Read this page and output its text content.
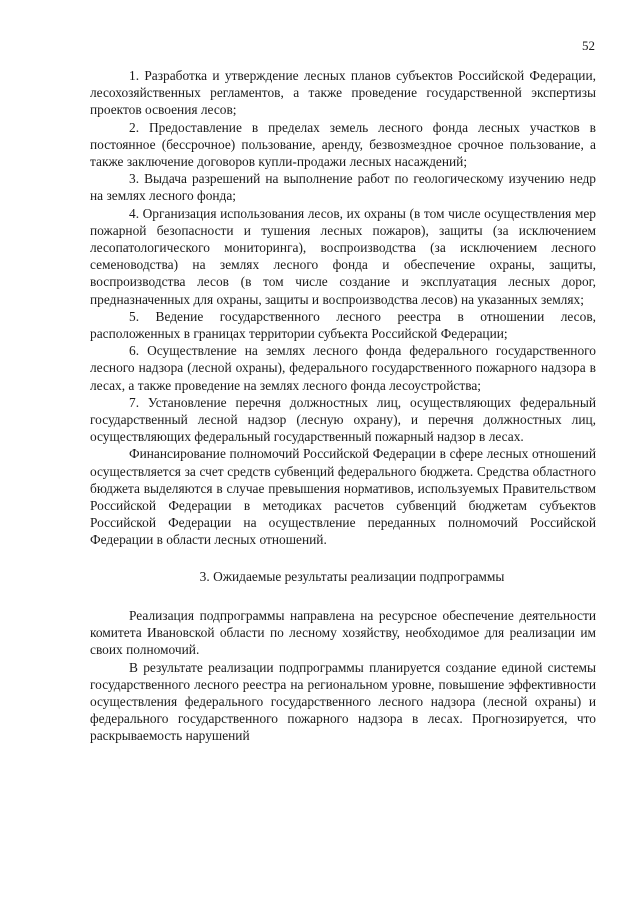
52

1. Разработка и утверждение лесных планов субъектов Российской Федерации, лесохозяйственных регламентов, а также проведение государственной экспертизы проектов освоения лесов;

2. Предоставление в пределах земель лесного фонда лесных участков в постоянное (бессрочное) пользование, аренду, безвозмездное срочное пользование, а также заключение договоров купли-продажи лесных насаждений;

3. Выдача разрешений на выполнение работ по геологическому изучению недр на землях лесного фонда;

4. Организация использования лесов, их охраны (в том числе осуществления мер пожарной безопасности и тушения лесных пожаров), защиты (за исключением лесопатологического мониторинга), воспроизводства (за исключением лесного семеноводства) на землях лесного фонда и обеспечение охраны, защиты, воспроизводства лесов (в том числе создание и эксплуатация лесных дорог, предназначенных для охраны, защиты и воспроизводства лесов) на указанных землях;

5. Ведение государственного лесного реестра в отношении лесов, расположенных в границах территории субъекта Российской Федерации;

6. Осуществление на землях лесного фонда федерального государственного лесного надзора (лесной охраны), федерального государственного пожарного надзора в лесах, а также проведение на землях лесного фонда лесоустройства;

7. Установление перечня должностных лиц, осуществляющих федеральный государственный лесной надзор (лесную охрану), и перечня должностных лиц, осуществляющих федеральный государственный пожарный надзор в лесах.

Финансирование полномочий Российской Федерации в сфере лесных отношений осуществляется за счет средств субвенций федерального бюджета. Средства областного бюджета выделяются в случае превышения нормативов, используемых Правительством Российской Федерации в методиках расчетов субвенций бюджетам субъектов Российской Федерации на осуществление переданных полномочий Российской Федерации в области лесных отношений.

3. Ожидаемые результаты реализации подпрограммы

Реализация подпрограммы направлена на ресурсное обеспечение деятельности комитета Ивановской области по лесному хозяйству, необходимое для реализации им своих полномочий.

В результате реализации подпрограммы планируется создание единой системы государственного лесного реестра на региональном уровне, повышение эффективности осуществления федерального государственного лесного надзора (лесной охраны) и федерального государственного пожарного надзора в лесах. Прогнозируется, что раскрываемость нарушений
